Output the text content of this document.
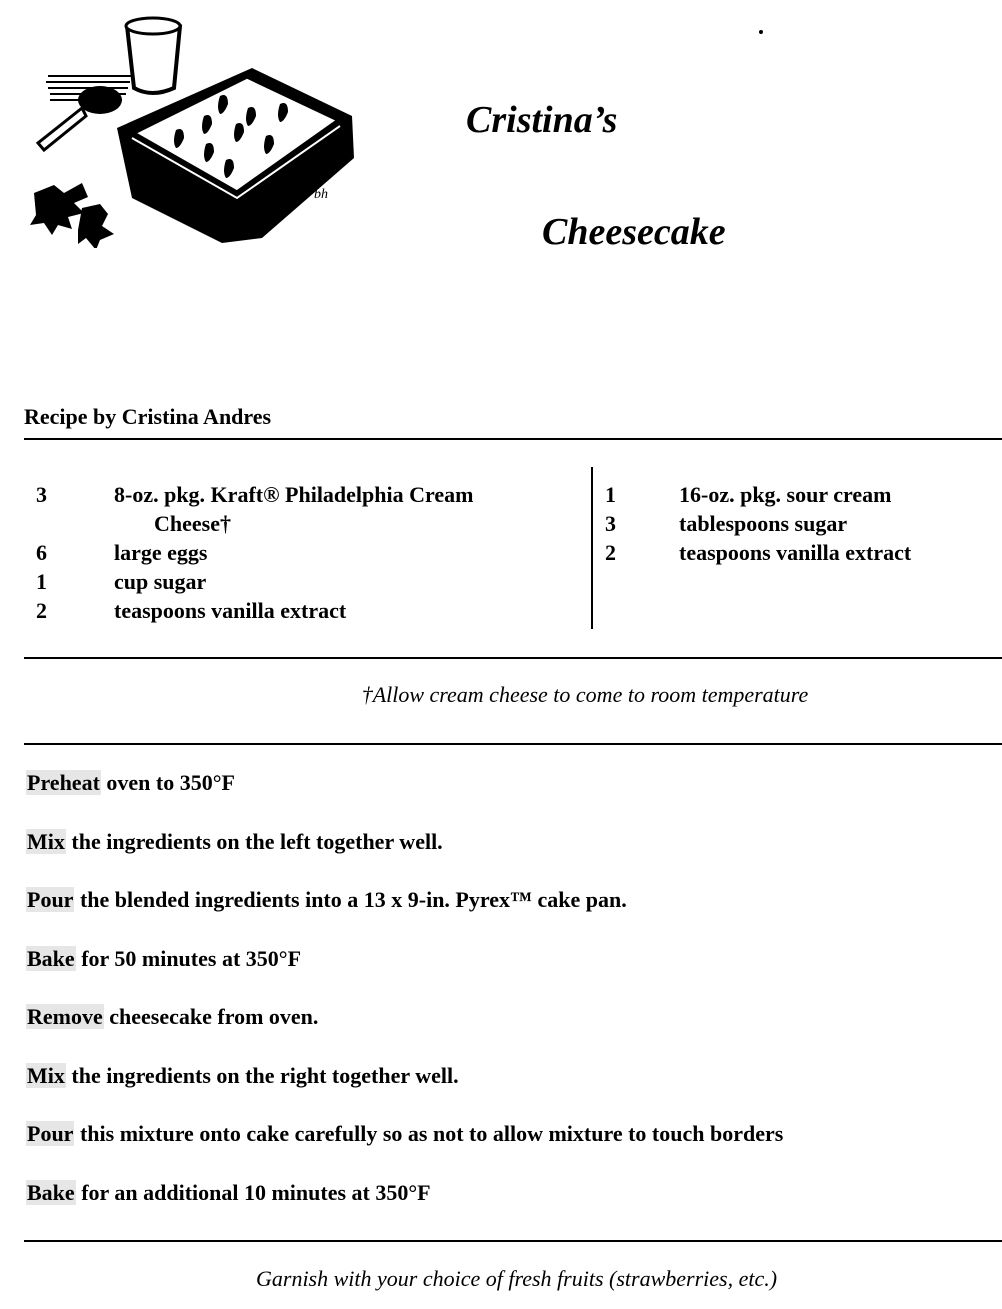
bh
Cristina’s
Cheesecake
Recipe by Cristina Andres
3	8-oz. pkg. Kraft® Philadelphia Cream
Cheese†
6	large eggs
1	cup sugar
2	teaspoons vanilla extract
1	16-oz. pkg. sour cream
3	tablespoons sugar
2	teaspoons vanilla extract
†Allow cream cheese to come to room temperature
Preheat oven to 350°F
Mix the ingredients on the left together well.
Pour the blended ingredients into a 13 x 9-in. Pyrex™ cake pan.
Bake for 50 minutes at 350°F
Remove cheesecake from oven.
Mix the ingredients on the right together well.
Pour this mixture onto cake carefully so as not to allow mixture to touch borders
Bake for an additional 10 minutes at 350°F
Garnish with your choice of fresh fruits (strawberries, etc.)
